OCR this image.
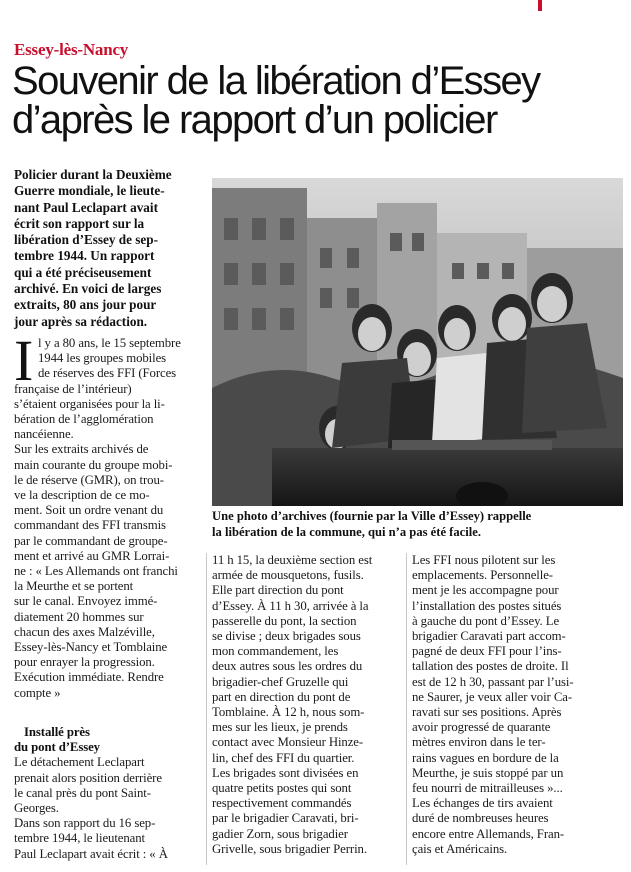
Essey-lès-Nancy
Souvenir de la libération d’Essey
d’après le rapport d’un policier
Policier durant la Deuxième
Guerre mondiale, le lieute-
nant Paul Leclapart avait
écrit son rapport sur la
libération d’Essey de sep-
tembre 1944. Un rapport
qui a été préciseusement
archivé. En voici de larges
extraits, 80 ans jour pour
jour après sa rédaction.
Une photo d’archives (fournie par la Ville d’Essey) rappelle
la libération de la commune, qui n’a pas été facile.
I l y a 80 ans, le 15 septembre
1944 les groupes mobiles
de réserves des FFI (Forces
française de l’intérieur)
s’étaient organisées pour la li-
bération de l’agglomération
nancéienne.
Sur les extraits archivés de
main courante du groupe mobi-
le de réserve (GMR), on trou-
ve la description de ce mo-
ment. Soit un ordre venant du
commandant des FFI transmis
par le commandant de groupe-
ment et arrivé au GMR Lorrai-
ne : « Les Allemands ont franchi
la Meurthe et se portent
sur le canal. Envoyez immé-
diatement 20 hommes sur
chacun des axes Malzéville,
Essey-lès-Nancy et Tomblaine
pour enrayer la progression.
Exécution immédiate. Rendre
compte »
Installé près
du pont d’Essey
Le détachement Leclapart
prenait alors position derrière
le canal près du pont Saint-
Georges.
Dans son rapport du 16 sep-
tembre 1944, le lieutenant
Paul Leclapart avait écrit : « À
11 h 15, la deuxième section est
armée de mousquetons, fusils.
Elle part direction du pont
d’Essey. À 11 h 30, arrivée à la
passerelle du pont, la section
se divise ; deux brigades sous
mon commandement, les
deux autres sous les ordres du
brigadier-chef Gruzelle qui
part en direction du pont de
Tomblaine. À 12 h, nous som-
mes sur les lieux, je prends
contact avec Monsieur Hinze-
lin, chef des FFI du quartier.
Les brigades sont divisées en
quatre petits postes qui sont
respectivement commandés
par le brigadier Caravati, bri-
gadier Zorn, sous brigadier
Grivelle, sous brigadier Perrin.
Les FFI nous pilotent sur les
emplacements. Personnelle-
ment je les accompagne pour
l’installation des postes situés
à gauche du pont d’Essey. Le
brigadier Caravati part accom-
pagné de deux FFI pour l’ins-
tallation des postes de droite. Il
est de 12 h 30, passant par l’usi-
ne Saurer, je veux aller voir Ca-
ravati sur ses positions. Après
avoir progressé de quarante
mètres environ dans le ter-
rains vagues en bordure de la
Meurthe, je suis stoppé par un
feu nourri de mitrailleuses »...
Les échanges de tirs avaient
duré de nombreuses heures
encore entre Allemands, Fran-
çais et Américains.
